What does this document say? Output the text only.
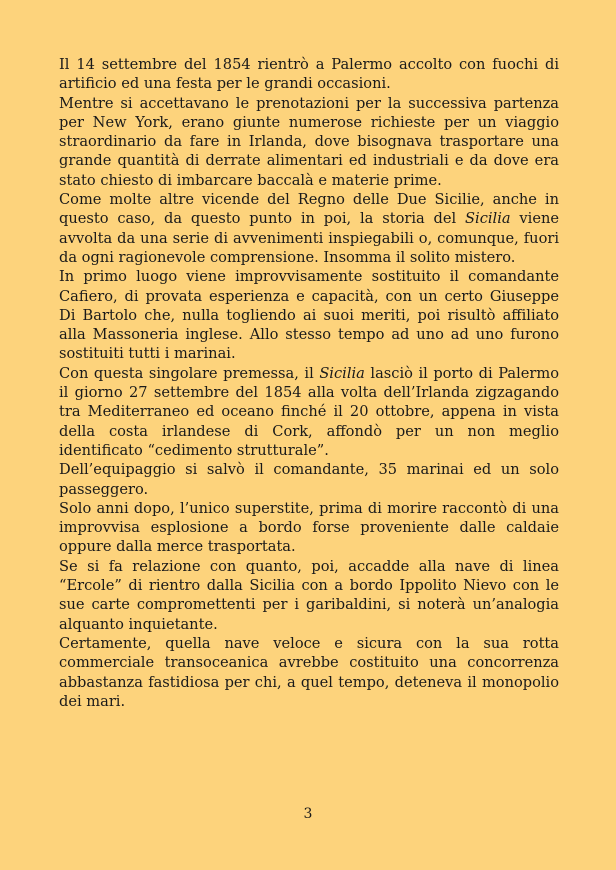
Il 14 settembre del 1854 rientrò a Palermo accolto con fuochi di artificio ed una festa per le grandi occasioni.

Mentre si accettavano le prenotazioni per la successiva partenza per New York, erano giunte numerose richieste per un viaggio straordinario da fare in Irlanda, dove bisognava trasportare una grande quantità di derrate alimentari ed industriali e da dove era stato chiesto di imbarcare baccalà e materie prime.

Come molte altre vicende del Regno delle Due Sicilie, anche in questo caso, da questo punto in poi, la storia del Sicilia viene avvolta da una serie di avvenimenti inspiegabili o, comunque, fuori da ogni ragionevole comprensione. Insomma il solito mistero.

In primo luogo viene improvvisamente sostituito il comandante Cafiero, di provata esperienza e capacità, con un certo Giuseppe Di Bartolo che, nulla togliendo ai suoi meriti, poi risultò affiliato alla Massoneria inglese. Allo stesso tempo ad uno ad uno furono sostituiti tutti i marinai.

Con questa singolare premessa, il Sicilia lasciò il porto di Palermo il giorno 27 settembre del 1854 alla volta dell’Irlanda zigzagando tra Mediterraneo ed oceano finché il 20 ottobre, appena in vista della costa irlandese di Cork, affondò per un non meglio identificato “cedimento strutturale”.

Dell’equipaggio si salvò il comandante, 35 marinai ed un solo passeggero.

Solo anni dopo, l’unico superstite, prima di morire raccontò di una improvvisa esplosione a bordo forse proveniente dalle caldaie oppure dalla merce trasportata.

Se si fa relazione con quanto, poi, accadde alla nave di linea “Ercole” di rientro dalla Sicilia con a bordo Ippolito Nievo con le sue carte compromettenti per i garibaldini, si noterà un’analogia alquanto inquietante.

Certamente, quella nave veloce e sicura con la sua rotta commerciale transoceanica avrebbe costituito una concorrenza abbastanza fastidiosa per chi, a quel tempo, deteneva il monopolio dei mari.

3
